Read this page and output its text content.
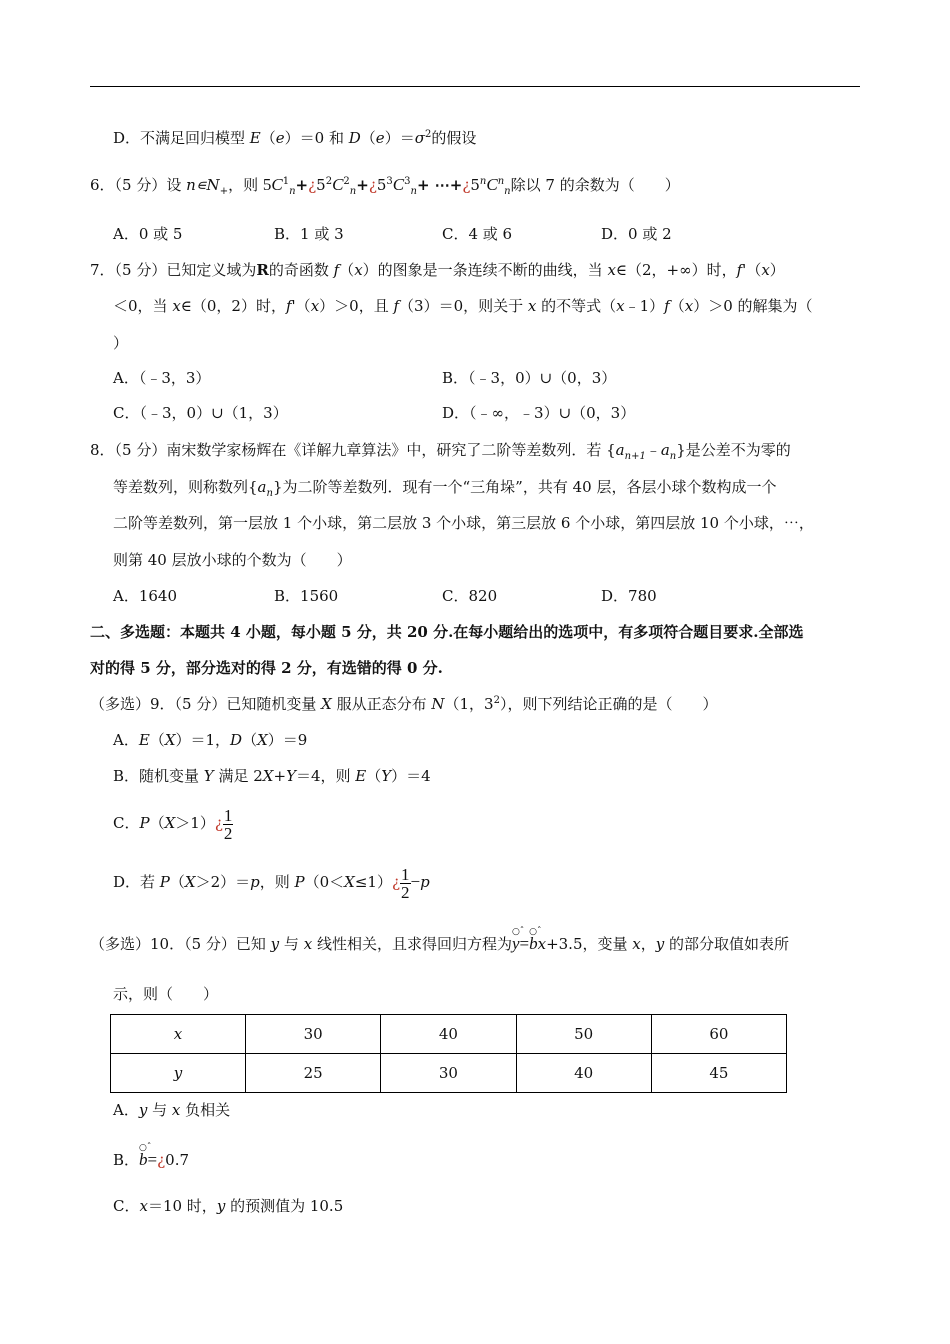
D．不满足回归模型 E（e）＝0 和 $D(e)=\sigma^2$的假设
6．（5 分）设 $n∊N_+$，则 $5C^1_n+¿5^2C^2_n+¿5^3C^3_n+$ $\cdots+¿5^nC^n_n$除以 7 的余数为（　　）
A．0 或 5	B．1 或 3	C．4 或 6	D．0 或 2
7．（5 分）已知定义域为R的奇函数 f（x）的图象是一条连续不断的曲线，当 x∈（2，+∞）时，f'（x）
＜0，当 x∈（0，2）时，f'（x）＞0，且 f（3）＝0，则关于 x 的不等式（x﹣1）f（x）＞0 的解集为（
）
A．（﹣3，3）	B．（﹣3，0）∪（0，3）
C．（﹣3，0）∪（1，3）	D．（﹣∞，﹣3）∪（0，3）
8．（5 分）南宋数学家杨辉在《详解九章算法》中，研究了二阶等差数列．若 $\{a_{n+1}﹣a_n\}$是公差不为零的
等差数列，则称数列$\{a_n\}$为二阶等差数列．现有一个“三角垛”，共有 40 层，各层小球个数构成一个
二阶等差数列，第一层放 1 个小球，第二层放 3 个小球，第三层放 6 个小球，第四层放 10 个小球，⋯，
则第 40 层放小球的个数为（　　）
A．1640	B．1560	C．820	D．780
二、多选题：本题共 4 小题，每小题 5 分，共 20 分.在每小题给出的选项中，有多项符合题目要求.全部选
对的得 5 分，部分选对的得 2 分，有选错的得 0 分.
（多选）9．（5 分）已知随机变量 X 服从正态分布 N（1，$3^2$），则下列结论正确的是（　　）
A．E（X）＝1，D（X）＝9
B．随机变量 Y 满足 2X+Y＝4，则 E（Y）＝4
C．P（X＞1）¿ $\frac{1}{2}$
D．若 P（X＞2）＝p，则 P（0＜X≤1）¿ $\frac{1}{2} -p$
（多选）10．（5 分）已知 y 与 x 线性相关，且求得回归方程为
○ˆ
y=
○ˆ
bx+3.5，变量 x，y 的部分取值如表所
示，则（　　）
x	30	40	50	60
y	25	30	40	45
A．y 与 x 负相关
B．
○ˆ
b=¿0.7
C．x＝10 时，y 的预测值为 10.5
